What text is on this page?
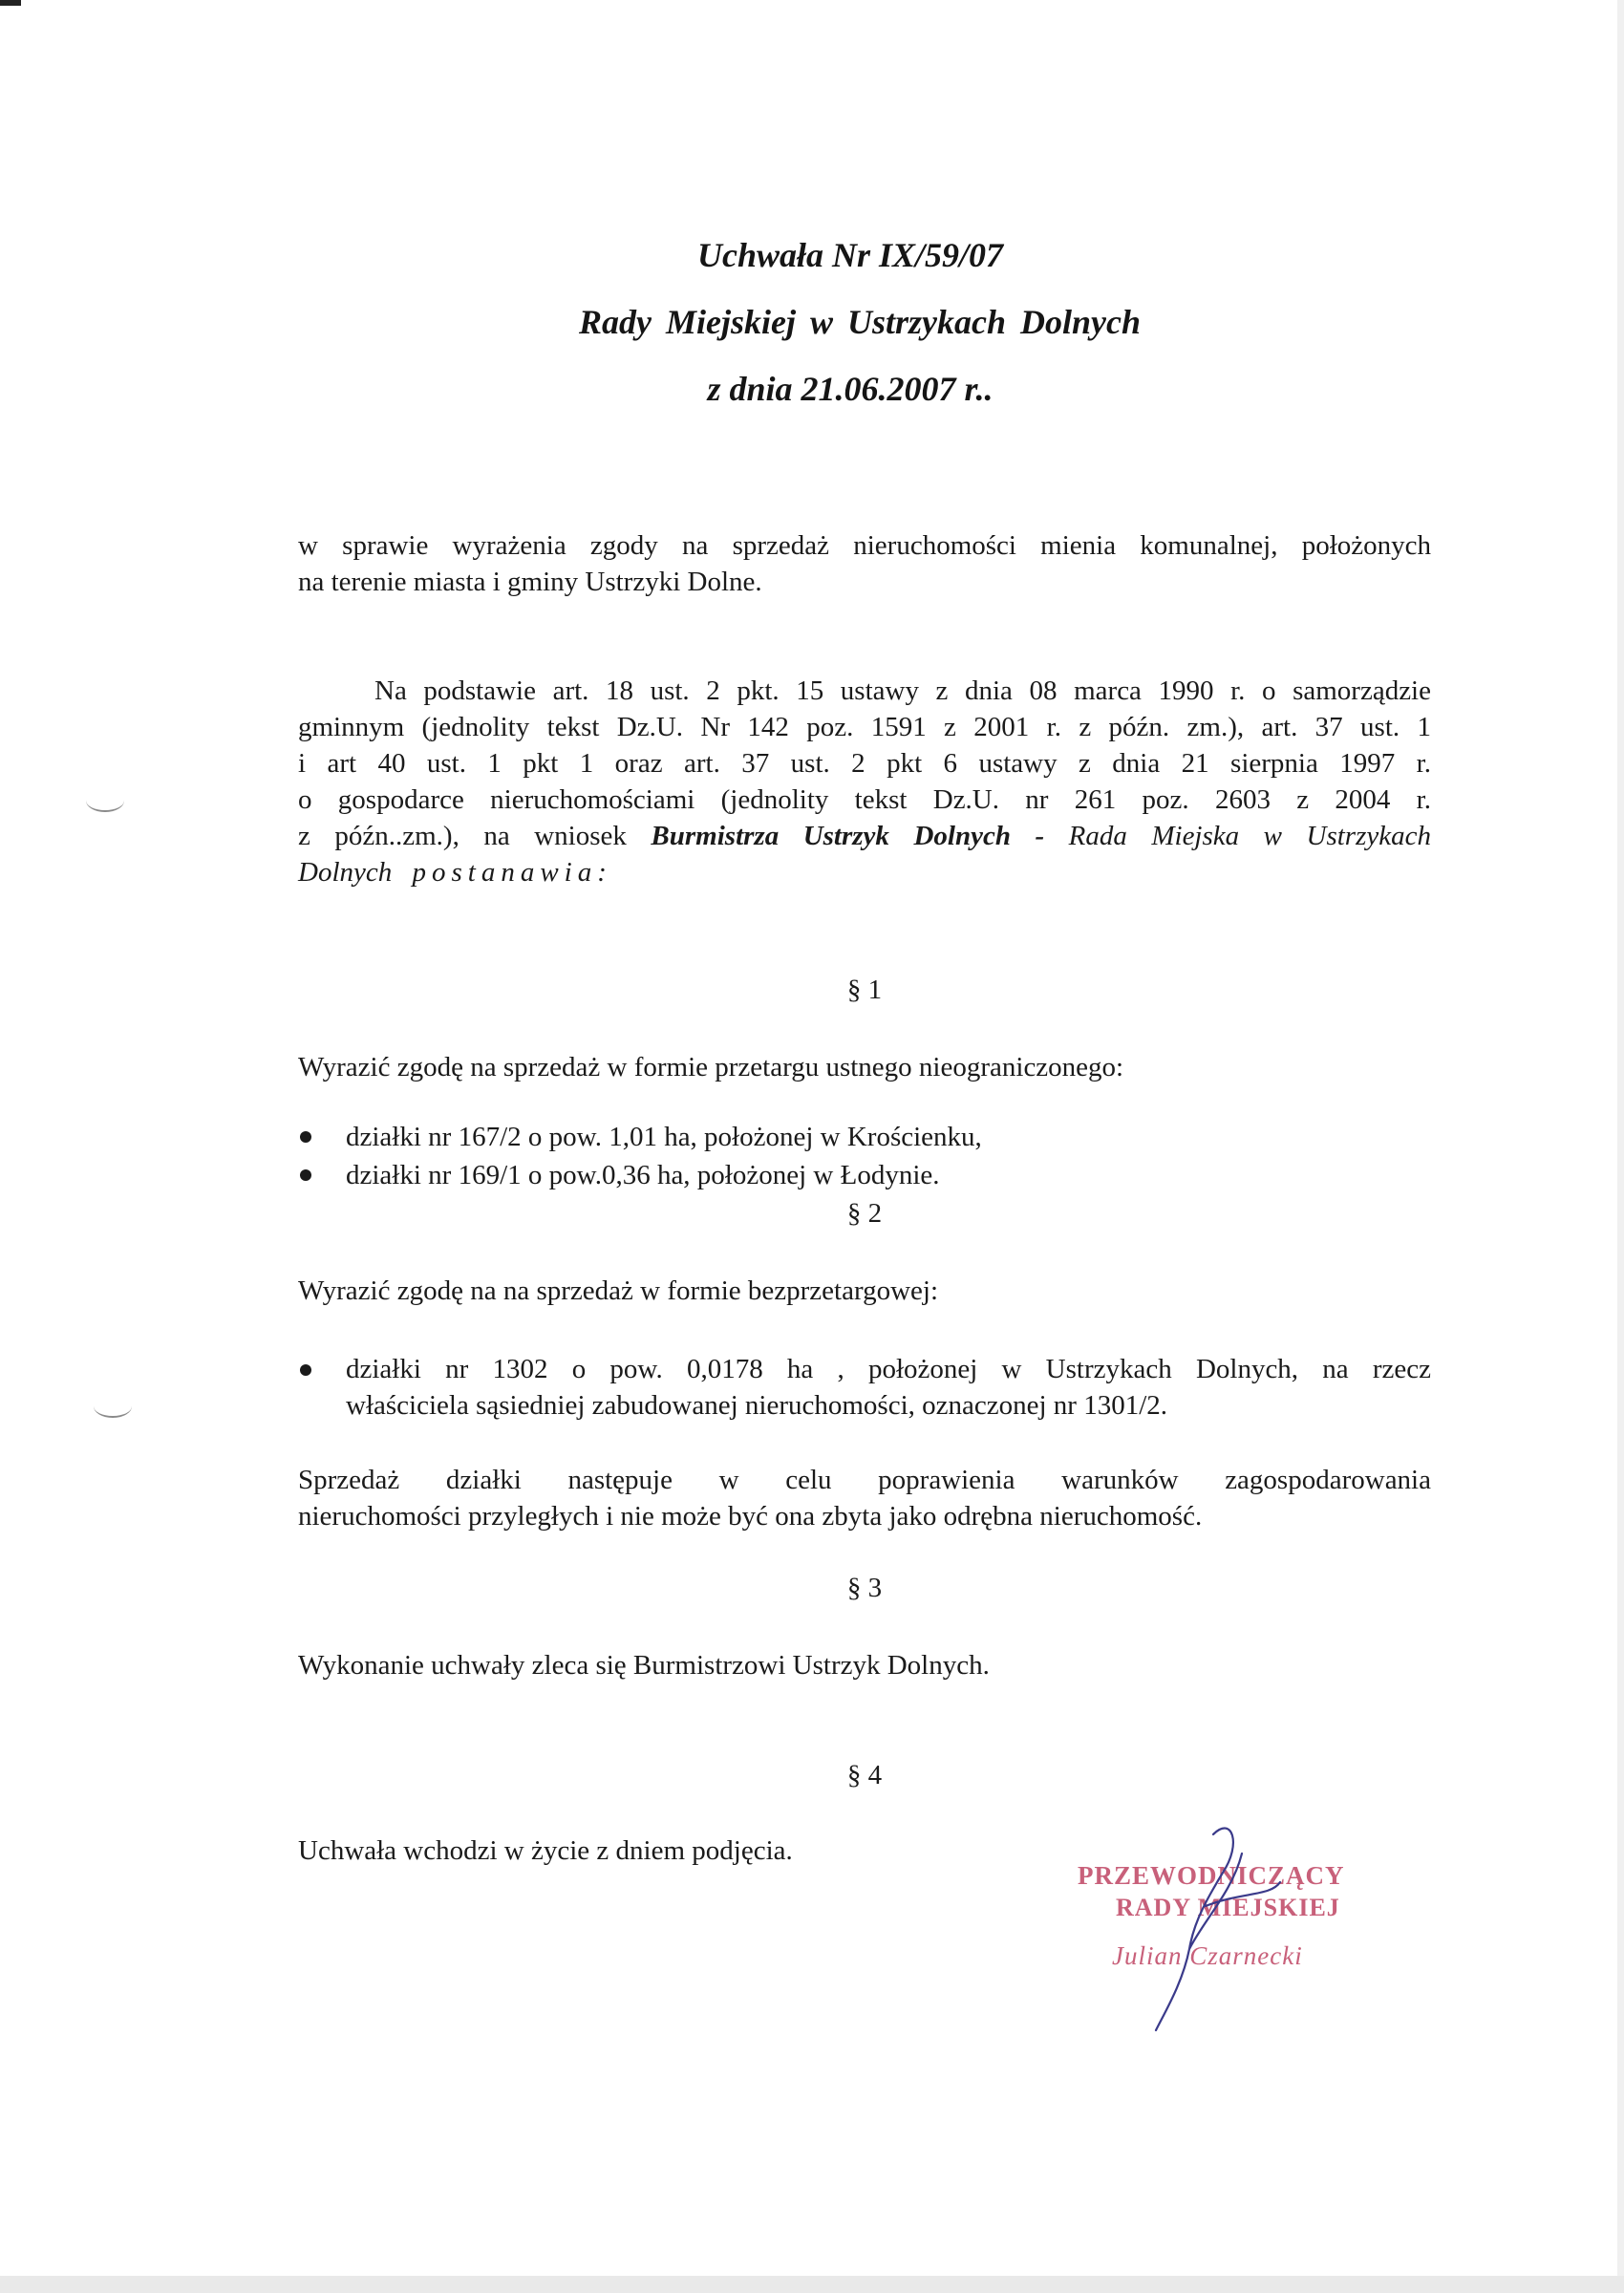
Uchwała Nr IX/59/07
Rady Miejskiej w Ustrzykach Dolnych
z dnia 21.06.2007 r..
w sprawie wyrażenia zgody na sprzedaż nieruchomości mienia komunalnej, położonych
na terenie miasta i gminy Ustrzyki Dolne.
Na podstawie art. 18 ust. 2 pkt. 15 ustawy z dnia 08 marca 1990 r. o samorządzie
gminnym (jednolity tekst Dz.U. Nr 142 poz. 1591 z 2001 r. z późn. zm.), art. 37 ust. 1
i art 40 ust. 1 pkt 1 oraz art. 37 ust. 2 pkt 6 ustawy z dnia 21 sierpnia 1997 r.
o gospodarce nieruchomościami (jednolity tekst Dz.U. nr 261 poz. 2603 z 2004 r.
z późn..zm.), na wniosek Burmistrza Ustrzyk Dolnych - Rada Miejska w Ustrzykach
Dolnych postanawia:
§ 1
Wyrazić zgodę na sprzedaż w formie przetargu ustnego nieograniczonego:
działki nr 167/2 o pow. 1,01 ha, położonej w Krościenku,
działki nr 169/1 o pow.0,36 ha, położonej w Łodynie.
§ 2
Wyrazić zgodę na na sprzedaż w formie bezprzetargowej:
działki nr 1302 o pow. 0,0178 ha , położonej w Ustrzykach Dolnych, na rzecz
właściciela sąsiedniej zabudowanej nieruchomości, oznaczonej nr 1301/2.
Sprzedaż działki następuje w celu poprawienia warunków zagospodarowania
nieruchomości przyległych i nie może być ona zbyta jako odrębna nieruchomość.
§ 3
Wykonanie uchwały zleca się Burmistrzowi Ustrzyk Dolnych.
§ 4
Uchwała wchodzi w życie z dniem podjęcia.
PRZEWODNICZĄCY
RADY MIEJSKIEJ
Julian Czarnecki
